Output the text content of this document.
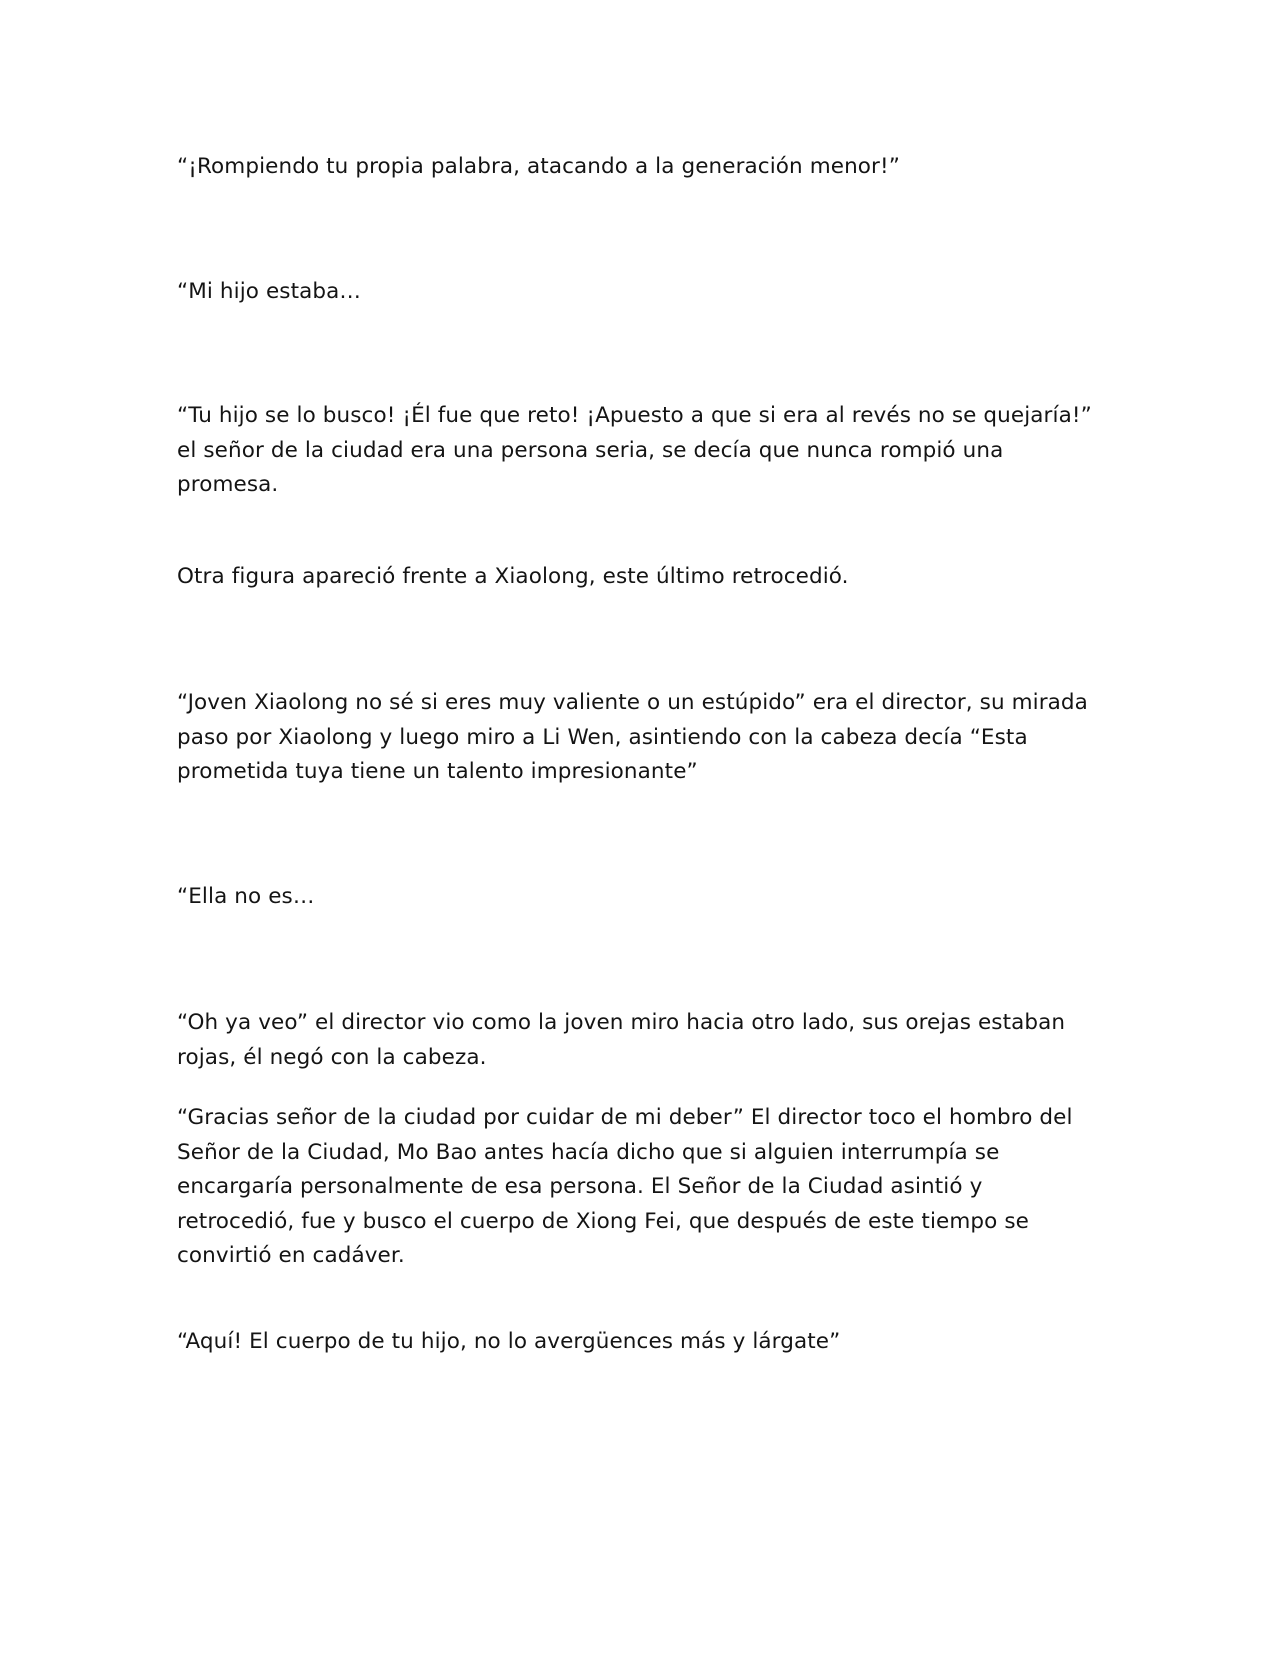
“¡Rompiendo tu propia palabra, atacando a la generación menor!”

“Mi hijo estaba…

“Tu hijo se lo busco! ¡Él fue que reto! ¡Apuesto a que si era al revés no se quejaría!” el señor de la ciudad era una persona seria, se decía que nunca rompió una promesa.

Otra figura apareció frente a Xiaolong, este último retrocedió.

“Joven Xiaolong no sé si eres muy valiente o un estúpido” era el director, su mirada paso por Xiaolong y luego miro a Li Wen, asintiendo con la cabeza decía “Esta prometida tuya tiene un talento impresionante”

“Ella no es…

“Oh ya veo” el director vio como la joven miro hacia otro lado, sus orejas estaban rojas, él negó con la cabeza.

“Gracias señor de la ciudad por cuidar de mi deber” El director toco el hombro del Señor de la Ciudad, Mo Bao antes hacía dicho que si alguien interrumpía se encargaría personalmente de esa persona. El Señor de la Ciudad asintió y retrocedió, fue y busco el cuerpo de Xiong Fei, que después de este tiempo se convirtió en cadáver.

“Aquí! El cuerpo de tu hijo, no lo avergüences más y lárgate”
